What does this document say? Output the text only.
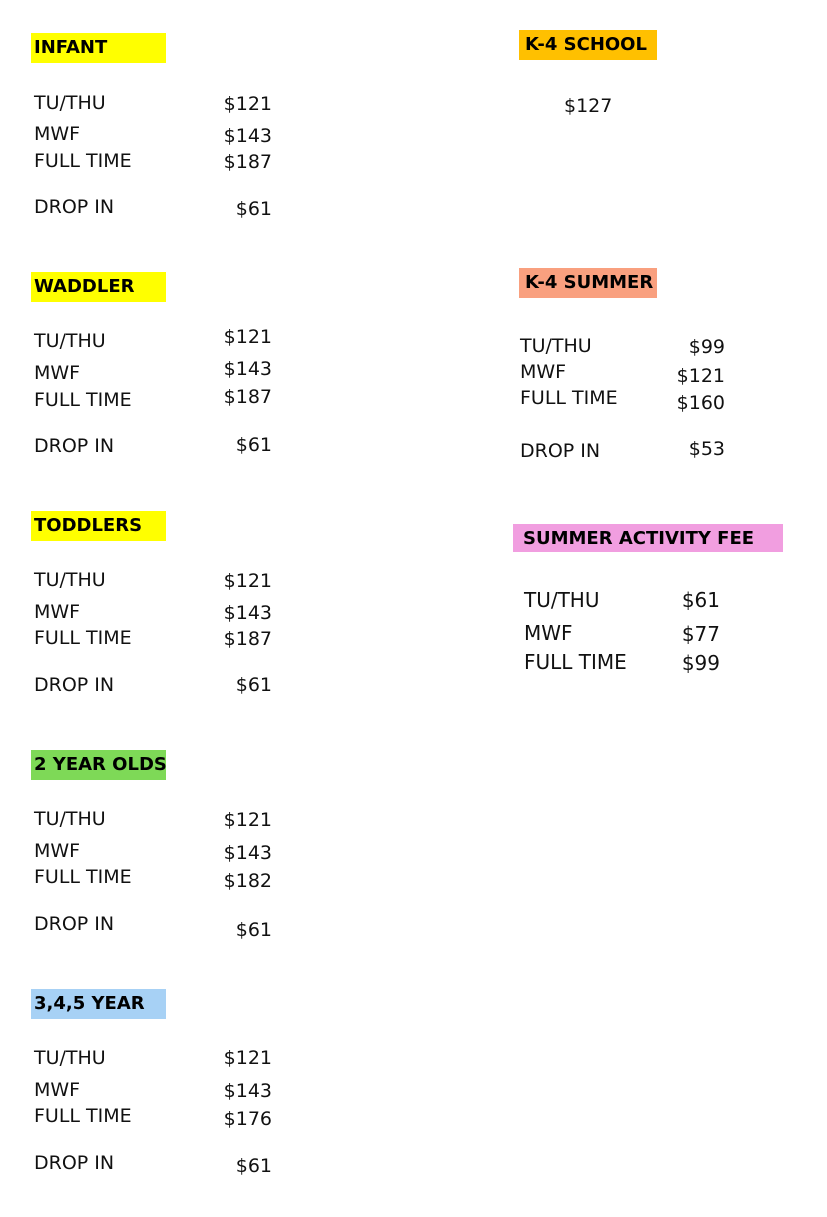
INFANT
TU/THU	$121
MWF	$143
FULL TIME	$187
DROP IN	$61
WADDLER
TU/THU	$121
MWF	$143
FULL TIME	$187
DROP IN	$61
TODDLERS
TU/THU	$121
MWF	$143
FULL TIME	$187
DROP IN	$61
2 YEAR OLDS
TU/THU	$121
MWF	$143
FULL TIME	$182
DROP IN	$61
3,4,5 YEAR
TU/THU	$121
MWF	$143
FULL TIME	$176
DROP IN	$61
K-4 SCHOOL
$127
K-4 SUMMER
TU/THU	$99
MWF	$121
FULL TIME	$160
DROP IN	$53
SUMMER ACTIVITY FEE
TU/THU	$61
MWF	$77
FULL TIME	$99
